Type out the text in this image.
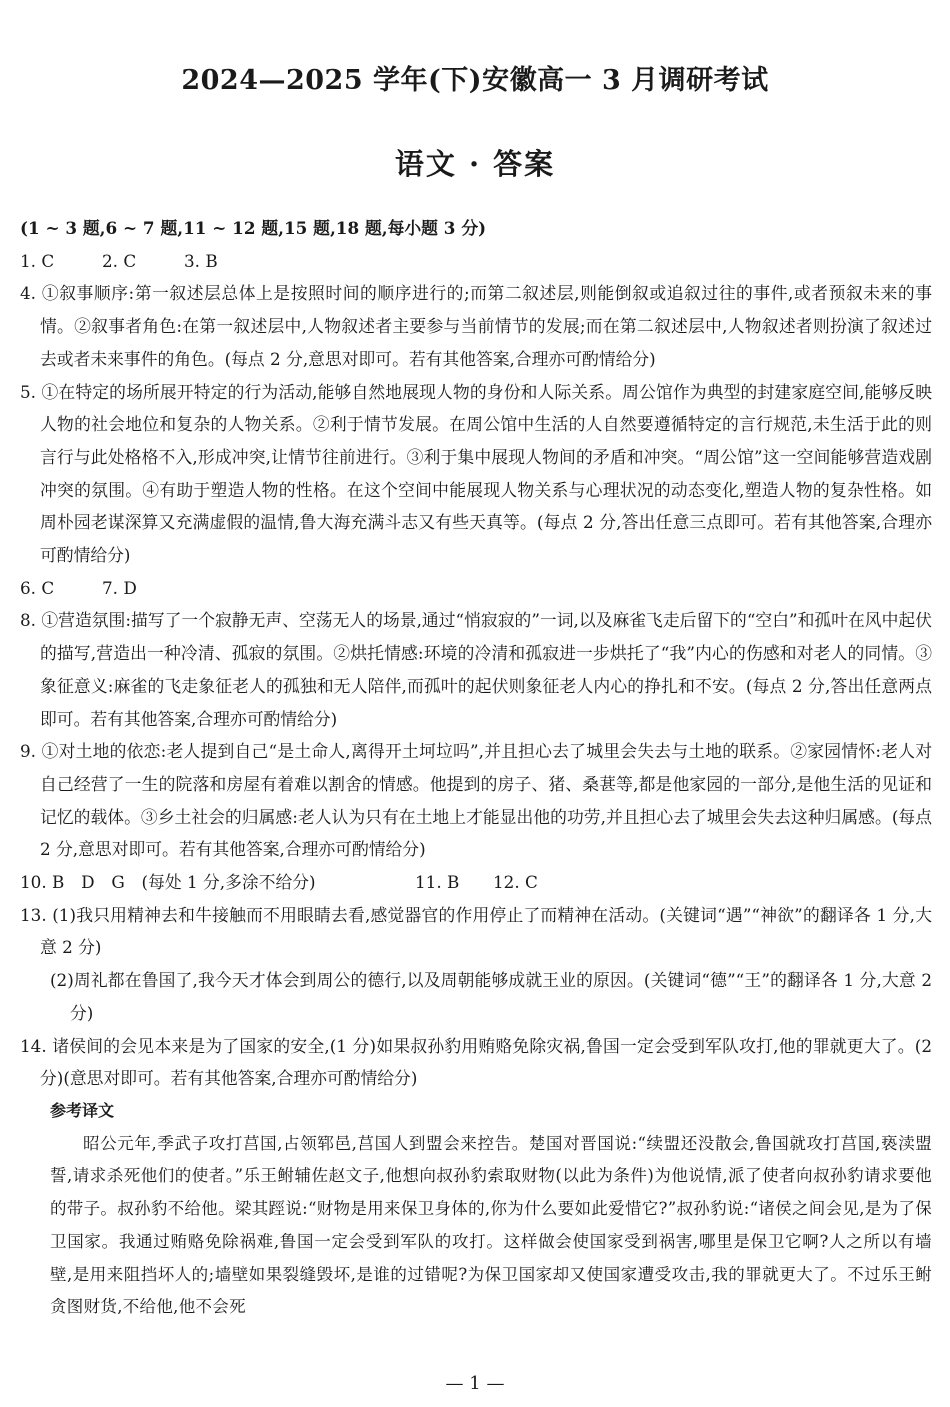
2024—2025 学年(下)安徽高一 3 月调研考试
语文 · 答案
(1 ~ 3 题,6 ~ 7 题,11 ~ 12 题,15 题,18 题,每小题 3 分)
1. C	2. C	3. B
4. ①叙事顺序:第一叙述层总体上是按照时间的顺序进行的;而第二叙述层,则能倒叙或追叙过往的事件,或者预叙未来的事情。②叙事者角色:在第一叙述层中,人物叙述者主要参与当前情节的发展;而在第二叙述层中,人物叙述者则扮演了叙述过去或者未来事件的角色。(每点 2 分,意思对即可。若有其他答案,合理亦可酌情给分)
5. ①在特定的场所展开特定的行为活动,能够自然地展现人物的身份和人际关系。周公馆作为典型的封建家庭空间,能够反映人物的社会地位和复杂的人物关系。②利于情节发展。在周公馆中生活的人自然要遵循特定的言行规范,未生活于此的则言行与此处格格不入,形成冲突,让情节往前进行。③利于集中展现人物间的矛盾和冲突。“周公馆”这一空间能够营造戏剧冲突的氛围。④有助于塑造人物的性格。在这个空间中能展现人物关系与心理状况的动态变化,塑造人物的复杂性格。如周朴园老谋深算又充满虚假的温情,鲁大海充满斗志又有些天真等。(每点 2 分,答出任意三点即可。若有其他答案,合理亦可酌情给分)
6. C	7. D
8. ①营造氛围:描写了一个寂静无声、空荡无人的场景,通过“悄寂寂的”一词,以及麻雀飞走后留下的“空白”和孤叶在风中起伏的描写,营造出一种冷清、孤寂的氛围。②烘托情感:环境的冷清和孤寂进一步烘托了“我”内心的伤感和对老人的同情。③象征意义:麻雀的飞走象征老人的孤独和无人陪伴,而孤叶的起伏则象征老人内心的挣扎和不安。(每点 2 分,答出任意两点即可。若有其他答案,合理亦可酌情给分)
9. ①对土地的依恋:老人提到自己“是土命人,离得开土坷垃吗”,并且担心去了城里会失去与土地的联系。②家园情怀:老人对自己经营了一生的院落和房屋有着难以割舍的情感。他提到的房子、猪、桑葚等,都是他家园的一部分,是他生活的见证和记忆的载体。③乡土社会的归属感:老人认为只有在土地上才能显出他的功劳,并且担心去了城里会失去这种归属感。(每点 2 分,意思对即可。若有其他答案,合理亦可酌情给分)
10. B　D　G　(每处 1 分,多涂不给分)	11. B 12. C
13. (1)我只用精神去和牛接触而不用眼睛去看,感觉器官的作用停止了而精神在活动。(关键词“遇”“神欲”的翻译各 1 分,大意 2 分)
(2)周礼都在鲁国了,我今天才体会到周公的德行,以及周朝能够成就王业的原因。(关键词“德”“王”的翻译各 1 分,大意 2 分)
14. 诸侯间的会见本来是为了国家的安全,(1 分)如果叔孙豹用贿赂免除灾祸,鲁国一定会受到军队攻打,他的罪就更大了。(2 分)(意思对即可。若有其他答案,合理亦可酌情给分)
参考译文
昭公元年,季武子攻打莒国,占领郓邑,莒国人到盟会来控告。楚国对晋国说:“续盟还没散会,鲁国就攻打莒国,亵渎盟誓,请求杀死他们的使者。”乐王鲋辅佐赵文子,他想向叔孙豹索取财物(以此为条件)为他说情,派了使者向叔孙豹请求要他的带子。叔孙豹不给他。梁其踁说:“财物是用来保卫身体的,你为什么要如此爱惜它?”叔孙豹说:“诸侯之间会见,是为了保卫国家。我通过贿赂免除祸难,鲁国一定会受到军队的攻打。这样做会使国家受到祸害,哪里是保卫它啊?人之所以有墙壁,是用来阻挡坏人的;墙壁如果裂缝毁坏,是谁的过错呢?为保卫国家却又使国家遭受攻击,我的罪就更大了。不过乐王鲋贪图财货,不给他,他不会死
— 1 —
